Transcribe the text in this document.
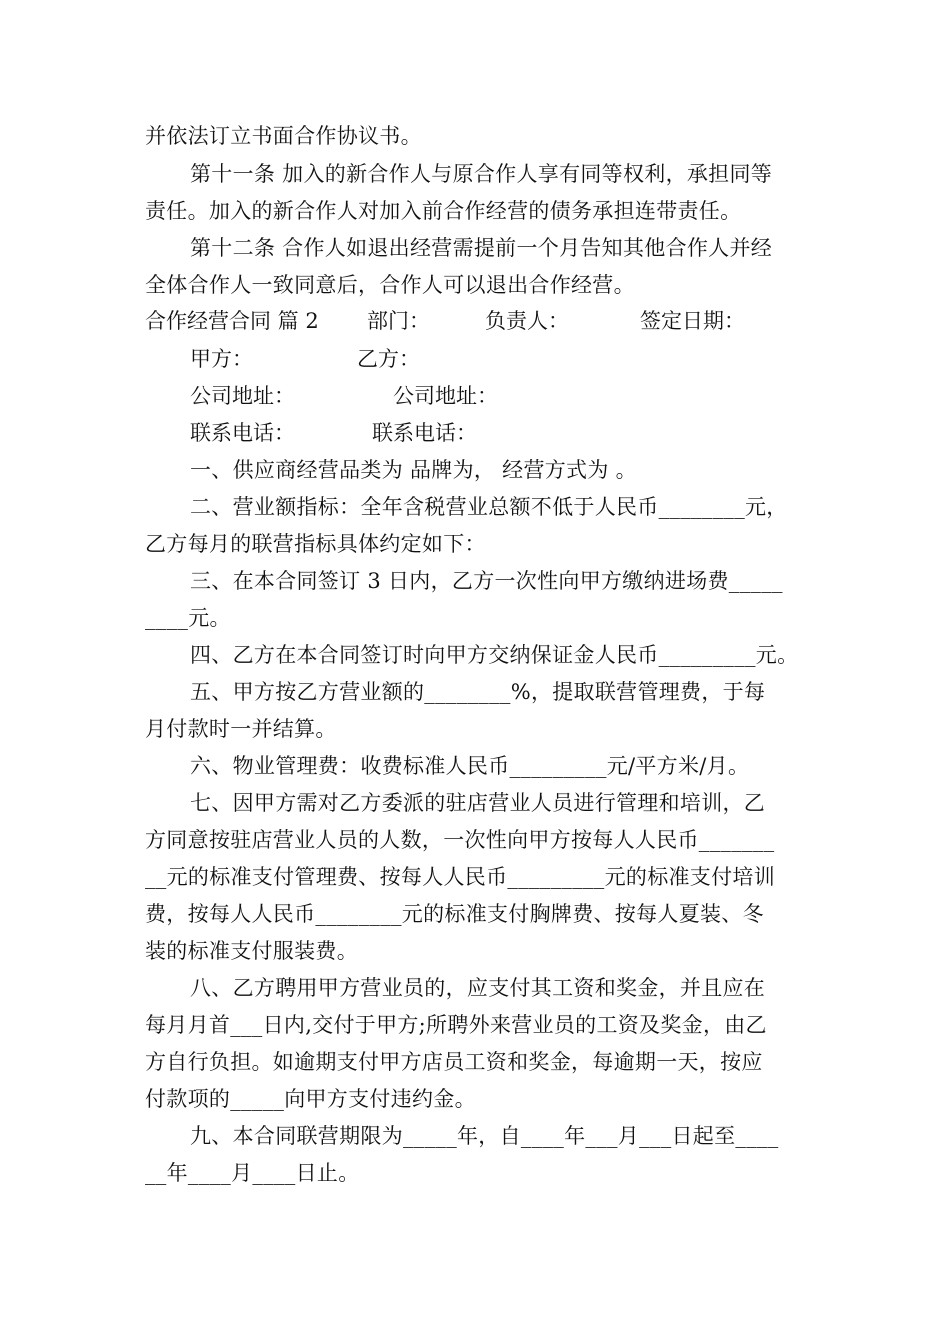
并依法订立书面合作协议书。
第十一条 加入的新合作人与原合作人享有同等权利，承担同等
责任。加入的新合作人对加入前合作经营的债务承担连带责任。
第十二条 合作人如退出经营需提前一个月告知其他合作人并经
全体合作人一致同意后，合作人可以退出合作经营。
合作经营合同 篇 2 部门：	负责人：	签定日期：
甲方：	乙方：
公司地址：	公司地址：
联系电话：	联系电话：
一、供应商经营品类为 品牌为， 经营方式为 。
二、营业额指标：全年含税营业总额不低于人民币________元，
乙方每月的联营指标具体约定如下：
三、在本合同签订 3 日内，乙方一次性向甲方缴纳进场费_____
____元。
四、乙方在本合同签订时向甲方交纳保证金人民币_________元。
五、甲方按乙方营业额的________%，提取联营管理费，于每
月付款时一并结算。
六、物业管理费：收费标准人民币_________元/平方米/月。
七、因甲方需对乙方委派的驻店营业人员进行管理和培训，乙
方同意按驻店营业人员的人数，一次性向甲方按每人人民币_______
__元的标准支付管理费、按每人人民币_________元的标准支付培训
费，按每人人民币________元的标准支付胸牌费、按每人夏装、冬
装的标准支付服装费。
八、乙方聘用甲方营业员的，应支付其工资和奖金，并且应在
每月月首___日内,交付于甲方;所聘外来营业员的工资及奖金，由乙
方自行负担。如逾期支付甲方店员工资和奖金，每逾期一天，按应
付款项的_____向甲方支付违约金。
九、本合同联营期限为_____年，自____年___月___日起至____
__年____月____日止。
